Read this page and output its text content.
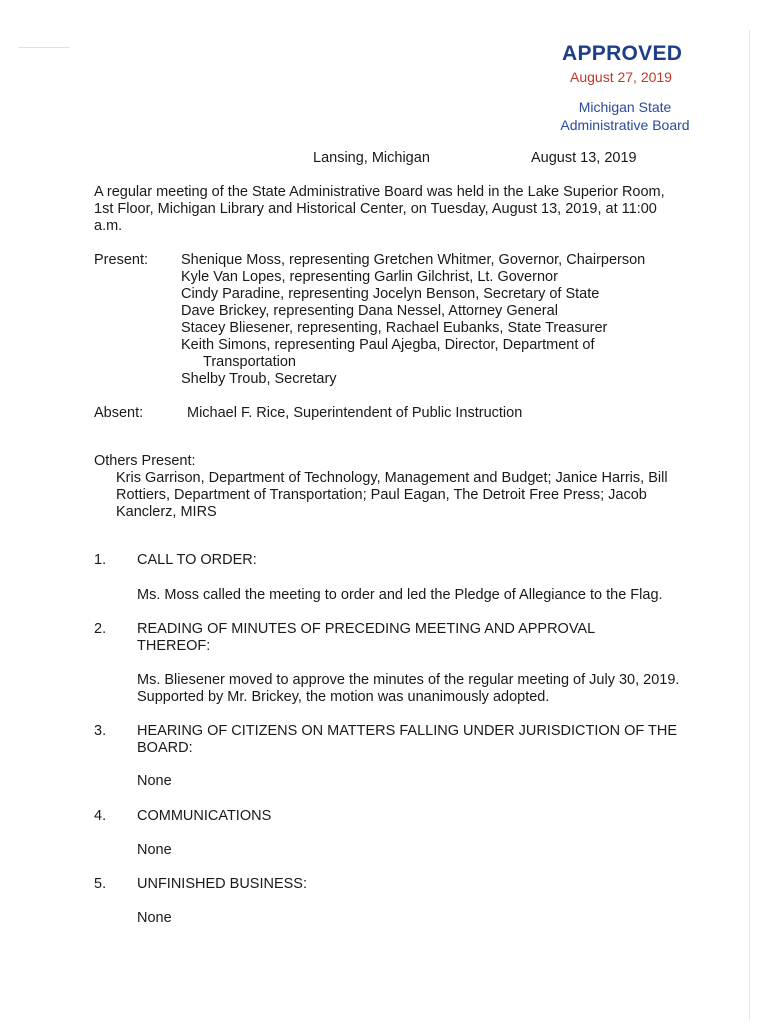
APPROVED
August 27, 2019
Michigan State
Administrative Board
Lansing, Michigan	August 13, 2019
A regular meeting of the State Administrative Board was held in the Lake Superior Room,
1st Floor, Michigan Library and Historical Center, on Tuesday, August 13, 2019, at 11:00
a.m.
Present: Shenique Moss, representing Gretchen Whitmer, Governor, Chairperson
Kyle Van Lopes, representing Garlin Gilchrist, Lt. Governor
Cindy Paradine, representing Jocelyn Benson, Secretary of State
Dave Brickey, representing Dana Nessel, Attorney General
Stacey Bliesener, representing, Rachael Eubanks, State Treasurer
Keith Simons, representing Paul Ajegba, Director, Department of
Transportation
Shelby Troub, Secretary
Absent:	Michael F. Rice, Superintendent of Public Instruction
Others Present:
Kris Garrison, Department of Technology, Management and Budget; Janice Harris, Bill
Rottiers, Department of Transportation; Paul Eagan, The Detroit Free Press; Jacob
Kanclerz, MIRS
1. CALL TO ORDER:
Ms. Moss called the meeting to order and led the Pledge of Allegiance to the Flag.
2. READING OF MINUTES OF PRECEDING MEETING AND APPROVAL
THEREOF:
Ms. Bliesener moved to approve the minutes of the regular meeting of July 30, 2019.
Supported by Mr. Brickey, the motion was unanimously adopted.
3. HEARING OF CITIZENS ON MATTERS FALLING UNDER JURISDICTION OF THE
BOARD:
None
4. COMMUNICATIONS
None
5. UNFINISHED BUSINESS:
None
